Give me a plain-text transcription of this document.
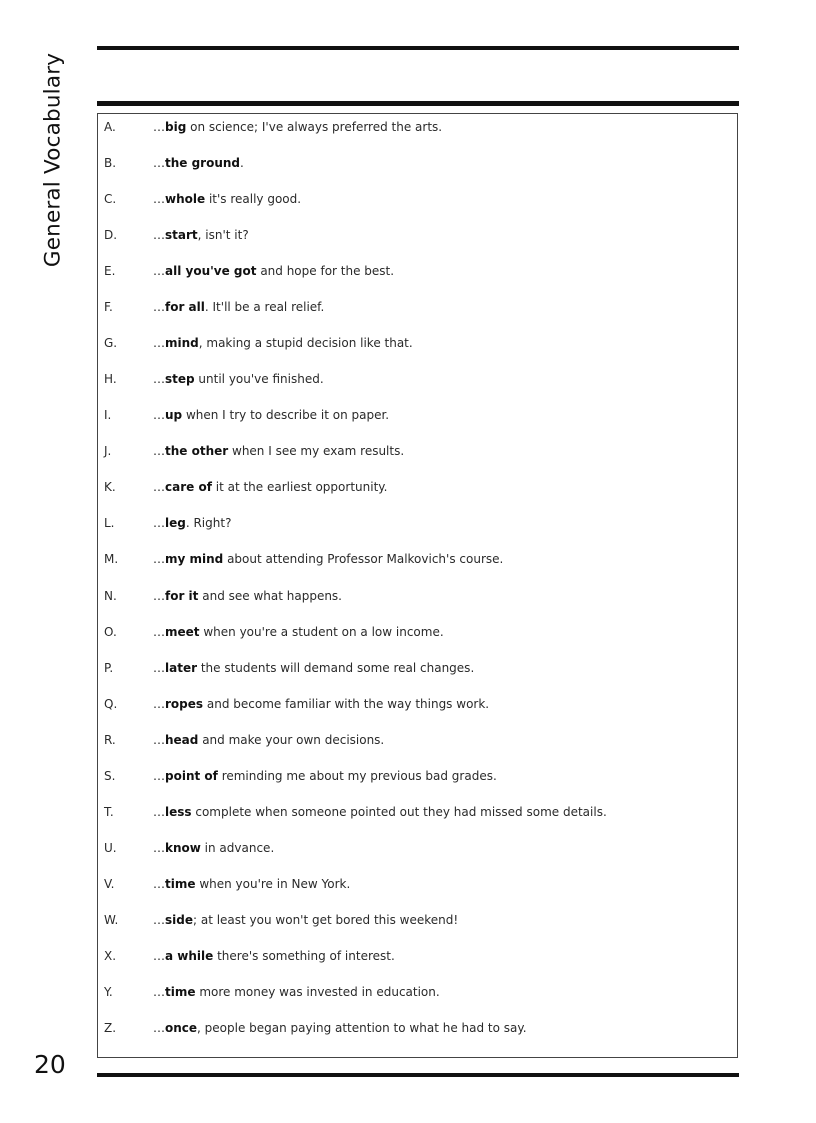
General Vocabulary	A.	…big on science; I've always preferred the arts.
B.	…the ground.
C.	…whole it's really good.
D.	…start, isn't it?
E.	…all you've got and hope for the best.
F.	…for all. It'll be a real relief.
G.	…mind, making a stupid decision like that.
H.	…step until you've finished.
I.	…up when I try to describe it on paper.
J.	…the other when I see my exam results.
K.	…care of it at the earliest opportunity.
L.	…leg. Right?
M.	…my mind about attending Professor Malkovich's course.
N.	…for it and see what happens.
O.	…meet when you're a student on a low income.
P.	…later the students will demand some real changes.
Q.	…ropes and become familiar with the way things work.
R.	…head and make your own decisions.
S.	…point of reminding me about my previous bad grades.
T.	…less complete when someone pointed out they had missed some details.
U.	…know in advance.
V.	…time when you're in New York.
W.	…side; at least you won't get bored this weekend!
X.	…a while there's something of interest.
Y.	…time more money was invested in education.
Z.	…once, people began paying attention to what he had to say.
20
